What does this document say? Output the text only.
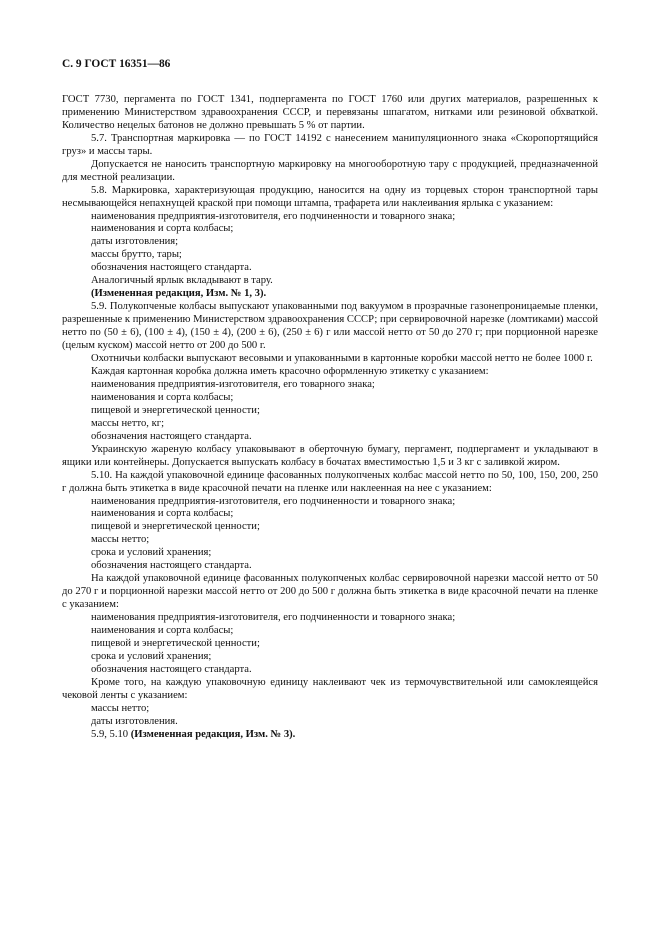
С. 9 ГОСТ 16351—86
ГОСТ 7730, пергамента по ГОСТ 1341, подпергамента по ГОСТ 1760 или других материалов, разрешенных к применению Министерством здравоохранения СССР, и перевязаны шпагатом, нитками или резиновой обхваткой. Количество нецелых батонов не должно превышать 5 % от партии.
5.7. Транспортная маркировка — по ГОСТ 14192 с нанесением манипуляционного знака «Скоропортящийся груз» и массы тары.
Допускается не наносить транспортную маркировку на многооборотную тару с продукцией, предназначенной для местной реализации.
5.8. Маркировка, характеризующая продукцию, наносится на одну из торцевых сторон транспортной тары несмывающейся непахнущей краской при помощи штампа, трафарета или наклеивания ярлыка с указанием:
наименования предприятия-изготовителя, его подчиненности и товарного знака;
наименования и сорта колбасы;
даты изготовления;
массы брутто, тары;
обозначения настоящего стандарта.
Аналогичный ярлык вкладывают в тару.
(Измененная редакция, Изм. № 1, 3).
5.9. Полукопченые колбасы выпускают упакованными под вакуумом в прозрачные газонепроницаемые пленки, разрешенные к применению Министерством здравоохранения СССР; при сервировочной нарезке (ломтиками) массой нетто по (50 ± 6), (100 ± 4), (150 ± 4), (200 ± 6), (250 ± 6) г или массой нетто от 50 до 270 г; при порционной нарезке (целым куском) массой нетто от 200 до 500 г.
Охотничьи колбаски выпускают весовыми и упакованными в картонные коробки массой нетто не более 1000 г.
Каждая картонная коробка должна иметь красочно оформленную этикетку с указанием:
наименования предприятия-изготовителя, его товарного знака;
наименования и сорта колбасы;
пищевой и энергетической ценности;
массы нетто, кг;
обозначения настоящего стандарта.
Украинскую жареную колбасу упаковывают в оберточную бумагу, пергамент, подпергамент и укладывают в ящики или контейнеры. Допускается выпускать колбасу в бочатах вместимостью 1,5 и 3 кг с заливкой жиром.
5.10. На каждой упаковочной единице фасованных полукопченых колбас массой нетто по 50, 100, 150, 200, 250 г должна быть этикетка в виде красочной печати на пленке или наклеенная на нее с указанием:
наименования предприятия-изготовителя, его подчиненности и товарного знака;
наименования и сорта колбасы;
пищевой и энергетической ценности;
массы нетто;
срока и условий хранения;
обозначения настоящего стандарта.
На каждой упаковочной единице фасованных полукопченых колбас сервировочной нарезки массой нетто от 50 до 270 г и порционной нарезки массой нетто от 200 до 500 г должна быть этикетка в виде красочной печати на пленке с указанием:
наименования предприятия-изготовителя, его подчиненности и товарного знака;
наименования и сорта колбасы;
пищевой и энергетической ценности;
срока и условий хранения;
обозначения настоящего стандарта.
Кроме того, на каждую упаковочную единицу наклеивают чек из термочувствительной или самоклеящейся чековой ленты с указанием:
массы нетто;
даты изготовления.
5.9, 5.10 (Измененная редакция, Изм. № 3).
